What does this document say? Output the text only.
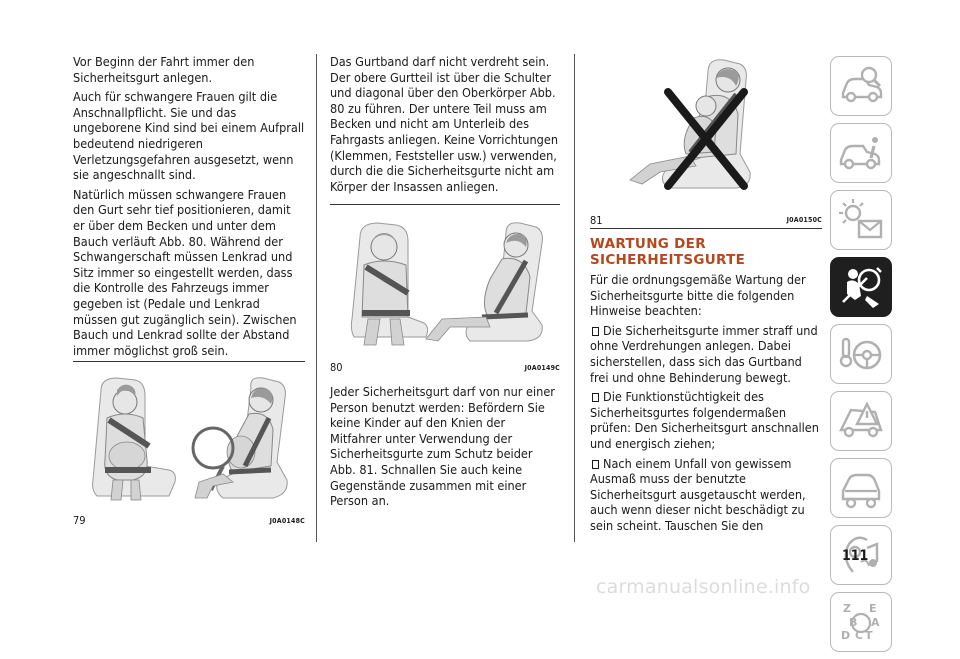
Vor Beginn der Fahrt immer den Sicherheitsgurt anlegen.

Auch für schwangere Frauen gilt die Anschnallpflicht. Sie und das ungeborene Kind sind bei einem Aufprall bedeutend niedrigeren Verletzungsgefahren ausgesetzt, wenn sie angeschnallt sind.

Natürlich müssen schwangere Frauen den Gurt sehr tief positionieren, damit er über dem Becken und unter dem Bauch verläuft Abb. 80. Während der Schwangerschaft müssen Lenkrad und Sitz immer so eingestellt werden, dass die Kontrolle des Fahrzeugs immer gegeben ist (Pedale und Lenkrad müssen gut zugänglich sein). Zwischen Bauch und Lenkrad sollte der Abstand immer möglichst groß sein.

79	J0A0148C

Das Gurtband darf nicht verdreht sein. Der obere Gurtteil ist über die Schulter und diagonal über den Oberkörper Abb. 80 zu führen. Der untere Teil muss am Becken und nicht am Unterleib des Fahrgasts anliegen. Keine Vorrichtungen (Klemmen, Feststeller usw.) verwenden, durch die die Sicherheitsgurte nicht am Körper der Insassen anliegen.

80	J0A0149C

Jeder Sicherheitsgurt darf von nur einer Person benutzt werden: Befördern Sie keine Kinder auf den Knien der Mitfahrer unter Verwendung der Sicherheitsgurte zum Schutz beider Abb. 81. Schnallen Sie auch keine Gegenstände zusammen mit einer Person an.

81	J0A0150C
WARTUNG DER SICHERHEITSGURTE

Für die ordnungsgemäße Wartung der Sicherheitsgurte bitte die folgenden Hinweise beachten:

Die Sicherheitsgurte immer straff und ohne Verdrehungen anlegen. Dabei sicherstellen, dass sich das Gurtband frei und ohne Behinderung bewegt.

Die Funktionstüchtigkeit des Sicherheitsgurtes folgendermaßen prüfen: Den Sicherheitsgurt anschnallen und energisch ziehen;

Nach einem Unfall von gewissem Ausmaß muss der benutzte Sicherheitsgurt ausgetauscht werden, auch wenn dieser nicht beschädigt zu sein scheint. Tauschen Sie den

Z E
B A
C T
D
111
carmanualsonline.info
